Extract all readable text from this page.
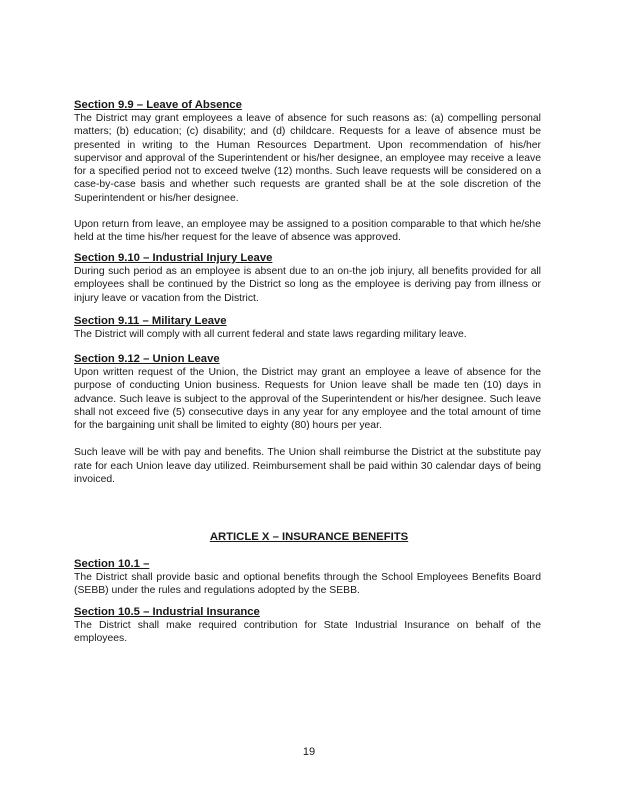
Section 9.9 – Leave of Absence

The District may grant employees a leave of absence for such reasons as: (a) compelling personal matters; (b) education; (c) disability; and (d) childcare. Requests for a leave of absence must be presented in writing to the Human Resources Department. Upon recommendation of his/her supervisor and approval of the Superintendent or his/her designee, an employee may receive a leave for a specified period not to exceed twelve (12) months. Such leave requests will be considered on a case-by-case basis and whether such requests are granted shall be at the sole discretion of the Superintendent or his/her designee.

Upon return from leave, an employee may be assigned to a position comparable to that which he/she held at the time his/her request for the leave of absence was approved.

Section 9.10 – Industrial Injury Leave

During such period as an employee is absent due to an on-the job injury, all benefits provided for all employees shall be continued by the District so long as the employee is deriving pay from illness or injury leave or vacation from the District.

Section 9.11 – Military Leave

The District will comply with all current federal and state laws regarding military leave.

Section 9.12 – Union Leave

Upon written request of the Union, the District may grant an employee a leave of absence for the purpose of conducting Union business. Requests for Union leave shall be made ten (10) days in advance. Such leave is subject to the approval of the Superintendent or his/her designee. Such leave shall not exceed five (5) consecutive days in any year for any employee and the total amount of time for the bargaining unit shall be limited to eighty (80) hours per year.

Such leave will be with pay and benefits. The Union shall reimburse the District at the substitute pay rate for each Union leave day utilized. Reimbursement shall be paid within 30 calendar days of being invoiced.

ARTICLE X – INSURANCE BENEFITS

Section 10.1 –

The District shall provide basic and optional benefits through the School Employees Benefits Board (SEBB) under the rules and regulations adopted by the SEBB.

Section 10.5 – Industrial Insurance

The District shall make required contribution for State Industrial Insurance on behalf of the employees.

19
